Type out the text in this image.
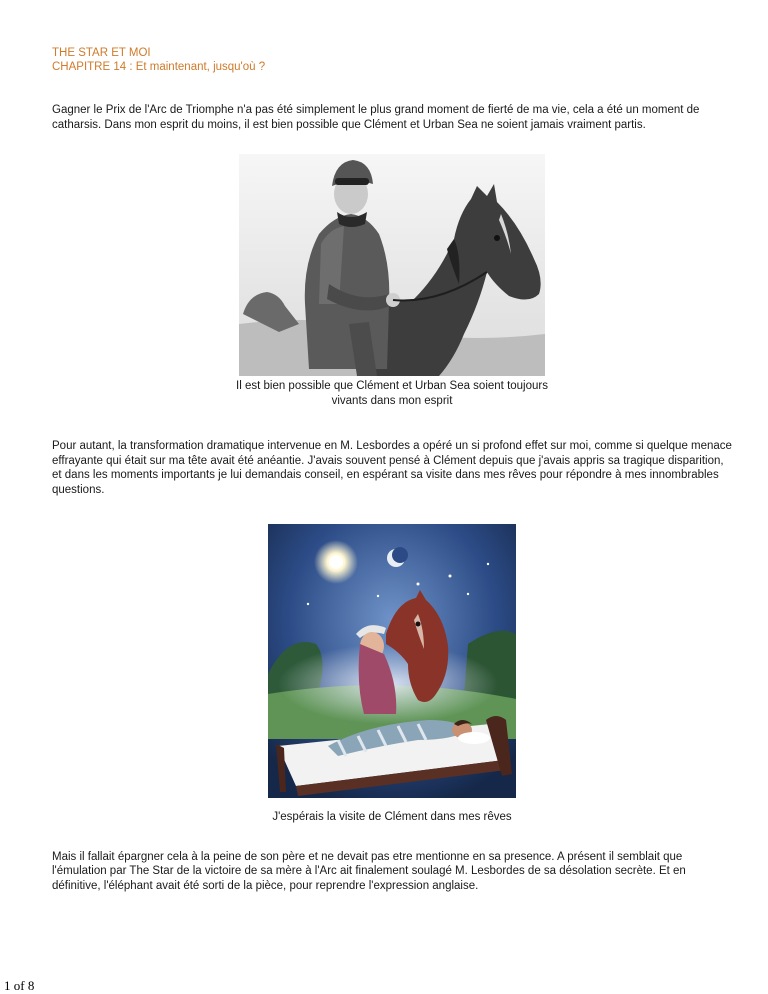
THE STAR ET MOI
CHAPITRE 14 : Et maintenant, jusqu'où ?

Gagner le Prix de l'Arc de Triomphe n'a pas été simplement le plus grand moment de fierté de ma vie, cela a été un moment de catharsis. Dans mon esprit du moins, il est bien possible que Clément et Urban Sea ne soient jamais vraiment partis.

Il est bien possible que Clément et Urban Sea soient toujours vivants dans mon esprit

Pour autant, la transformation dramatique intervenue en M. Lesbordes a opéré un si profond effet sur moi, comme si quelque menace effrayante qui était sur ma tête avait été anéantie. J'avais souvent pensé à Clément depuis que j'avais appris sa tragique disparition, et dans les moments importants je lui demandais conseil, en espérant sa visite dans mes rêves pour répondre à mes innombrables questions.

J'espérais la visite de Clément dans mes rêves

Mais il fallait épargner cela à la peine de son père et ne devait pas etre mentionne en sa presence. A présent il semblait que l'émulation par The Star de la victoire de sa mère à l'Arc ait finalement soulagé M. Lesbordes de sa désolation secrète. Et en définitive, l'éléphant avait été sorti de la pièce, pour reprendre l'expression anglaise.

1 of 8
